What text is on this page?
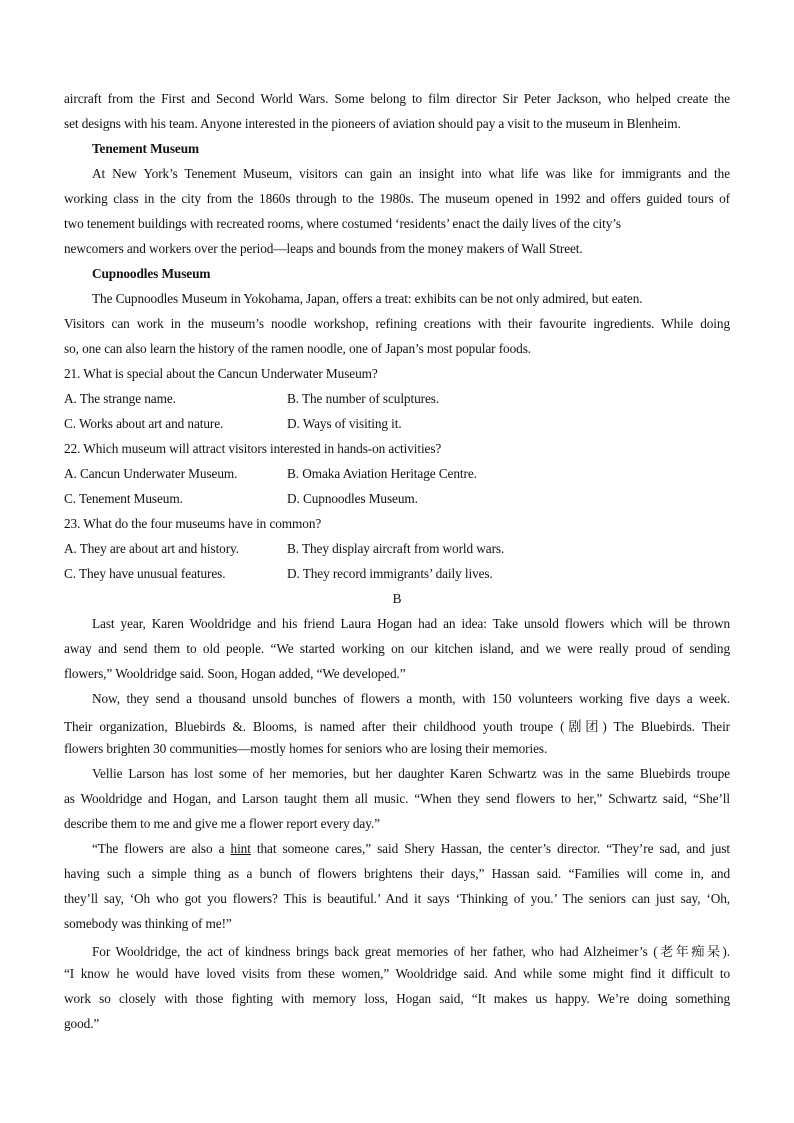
aircraft from the First and Second World Wars. Some belong to film director Sir Peter Jackson, who helped create the
set designs with his team. Anyone interested in the pioneers of aviation should pay a visit to the museum in Blenheim.
Tenement Museum
At New York’s Tenement Museum, visitors can gain an insight into what life was like for immigrants and the
working class in the city from the 1860s through to the 1980s. The museum opened in 1992 and offers guided tours of
two tenement buildings with recreated rooms, where costumed ‘residents’ enact the daily lives of the city’s
newcomers and workers over the period—leaps and bounds from the money makers of Wall Street.
Cupnoodles Museum
The Cupnoodles Museum in Yokohama, Japan, offers a treat: exhibits can be not only admired, but eaten.
Visitors can work in the museum’s noodle workshop, refining creations with their favourite ingredients. While doing
so, one can also learn the history of the ramen noodle, one of Japan’s most popular foods.
21. What is special about the Cancun Underwater Museum?
A. The strange name.	B. The number of sculptures.
C. Works about art and nature.	D. Ways of visiting it.
22. Which museum will attract visitors interested in hands-on activities?
A. Cancun Underwater Museum.	B. Omaka Aviation Heritage Centre.
C. Tenement Museum.	D. Cupnoodles Museum.
23. What do the four museums have in common?
A. They are about art and history.	B. They display aircraft from world wars.
C. They have unusual features.	D. They record immigrants’ daily lives.
B
Last year, Karen Wooldridge and his friend Laura Hogan had an idea: Take unsold flowers which will be thrown
away and send them to old people. “We started working on our kitchen island, and we were really proud of sending
flowers,” Wooldridge said. Soon, Hogan added, “We developed.”
Now, they send a thousand unsold bunches of flowers a month, with 150 volunteers working five days a week.
Their organization, Bluebirds &. Blooms, is named after their childhood youth troupe (剧团) The Bluebirds. Their
flowers brighten 30 communities—mostly homes for seniors who are losing their memories.
Vellie Larson has lost some of her memories, but her daughter Karen Schwartz was in the same Bluebirds troupe
as Wooldridge and Hogan, and Larson taught them all music. “When they send flowers to her,” Schwartz said, “She’ll
describe them to me and give me a flower report every day.”
“The flowers are also a hint that someone cares,” said Shery Hassan, the center’s director. “They’re sad, and just
having such a simple thing as a bunch of flowers brightens their days,” Hassan said. “Families will come in, and
they’ll say, ‘Oh who got you flowers? This is beautiful.’ And it says ‘Thinking of you.’ The seniors can just say, ‘Oh,
somebody was thinking of me!”
For Wooldridge, the act of kindness brings back great memories of her father, who had Alzheimer’s (老年痴呆).
“I know he would have loved visits from these women,” Wooldridge said. And while some might find it difficult to
work so closely with those fighting with memory loss, Hogan said, “It makes us happy. We’re doing something
good.”
